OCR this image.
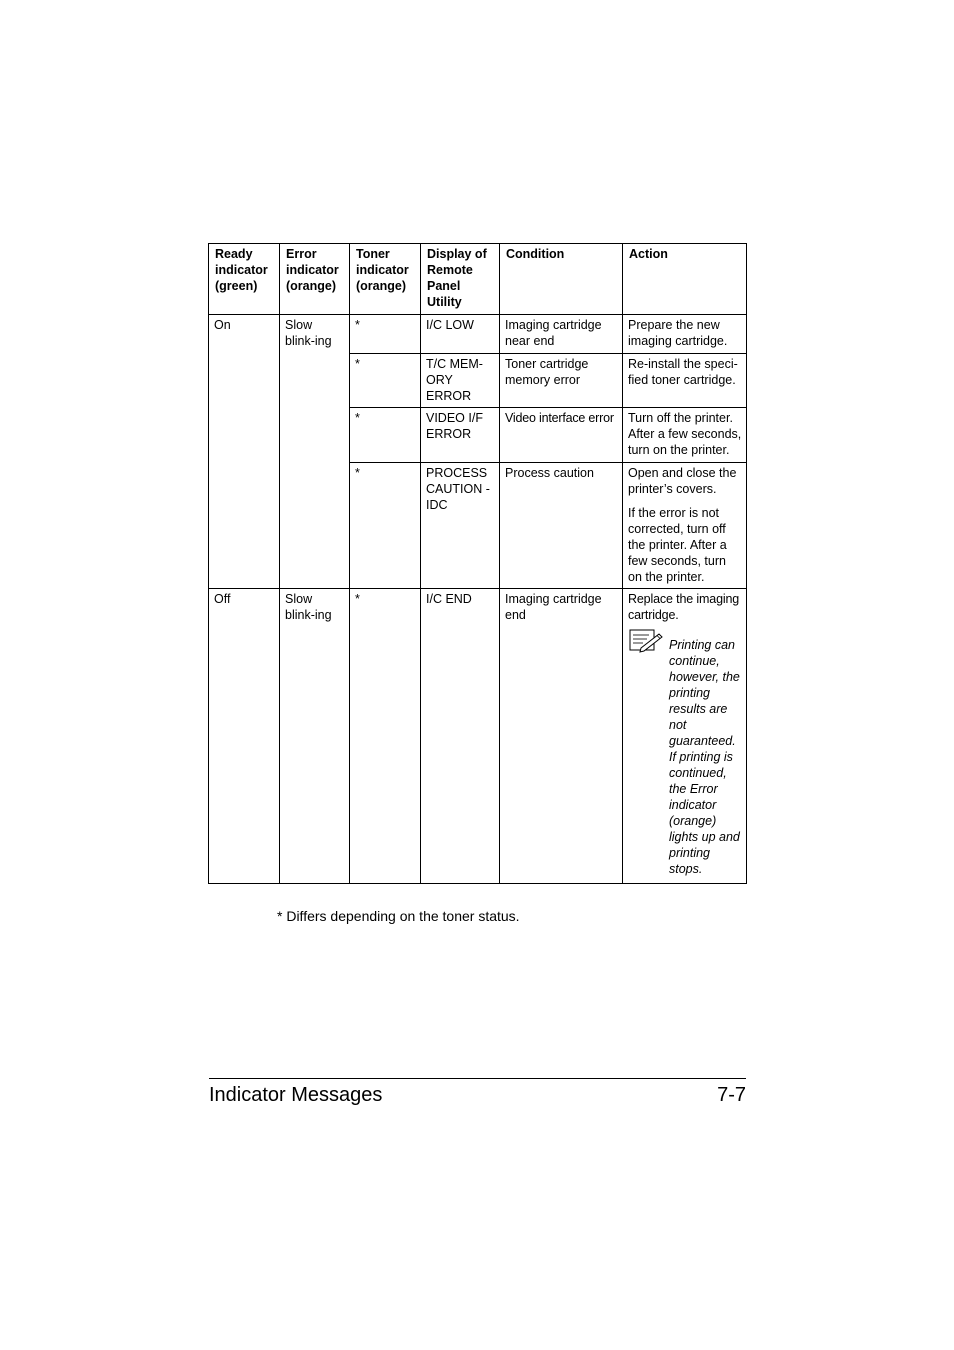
Ready indicator (green)	Error indicator (orange)	Toner indicator (orange)	Display of Remote Panel Utility	Condition	Action
On	Slow blink-ing	*	I/C LOW	Imaging cartridge near end	Prepare the new imaging cartridge.
		*	T/C MEM-ORY ERROR	Toner cartridge memory error	Re-install the speci-fied toner cartridge.
		*	VIDEO I/F ERROR	Video interface error	Turn off the printer. After a few seconds, turn on the printer.
		*	PROCESS CAUTION -IDC	Process caution	Open and close the printer’s covers.

If the error is not corrected, turn off the printer. After a few seconds, turn on the printer.

Off	Slow blink-ing	*	I/C END	Imaging cartridge end	Replace the imaging cartridge.

Printing can continue, however, the printing results are not guaranteed. If printing is continued, the Error indicator (orange) lights up and printing stops.
* Differs depending on the toner status.
Indicator Messages	7-7
